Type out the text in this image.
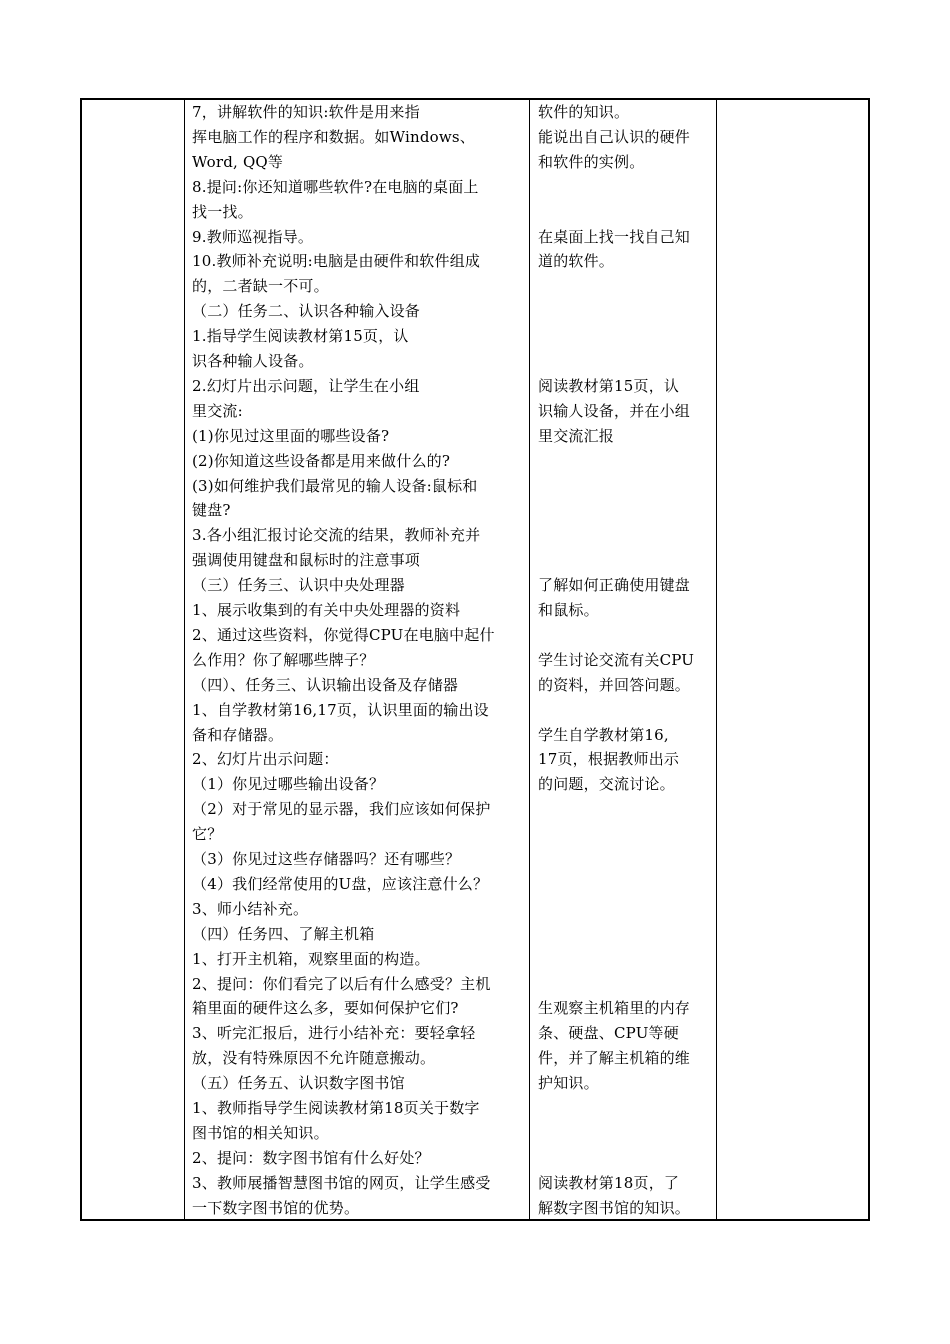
7，讲解软件的知识:软件是用来指
挥电脑工作的程序和数据。如Windows、
Word, QQ等
8.提问:你还知道哪些软件?在电脑的桌面上
找一找。
9.教师巡视指导。
10.教师补充说明:电脑是由硬件和软件组成
的，二者缺一不可。
（二）任务二、认识各种输入设备
1.指导学生阅读教材第15页，认
识各种输人设备。
2.幻灯片出示问题，让学生在小组
里交流:
(1)你见过这里面的哪些设备?
(2)你知道这些设备都是用来做什么的?
(3)如何维护我们最常见的输人设备:鼠标和
键盘?
3.各小组汇报讨论交流的结果，教师补充并
强调使用键盘和鼠标时的注意事项
（三）任务三、认识中央处理器
1、展示收集到的有关中央处理器的资料
2、通过这些资料，你觉得CPU在电脑中起什
么作用？你了解哪些牌子？
（四）、任务三、认识输出设备及存储器
1、自学教材第16,17页，认识里面的输出设
备和存储器。
2、幻灯片出示问题：
（1）你见过哪些输出设备？
（2）对于常见的显示器，我们应该如何保护
它？
（3）你见过这些存储器吗？还有哪些？
（4）我们经常使用的U盘，应该注意什么？
3、师小结补充。
（四）任务四、了解主机箱
1、打开主机箱，观察里面的构造。
2、提问：你们看完了以后有什么感受？主机
箱里面的硬件这么多，要如何保护它们?
3、听完汇报后，进行小结补充：要轻拿轻
放，没有特殊原因不允许随意搬动。
（五）任务五、认识数字图书馆
1、教师指导学生阅读教材第18页关于数字
图书馆的相关知识。
2、提问：数字图书馆有什么好处？
3、教师展播智慧图书馆的网页，让学生感受
一下数字图书馆的优势。
软件的知识。
能说出自己认识的硬件
和软件的实例。
在桌面上找一找自己知
道的软件。
阅读教材第15页，认
识输人设备，并在小组
里交流汇报
了解如何正确使用键盘
和鼠标。
学生讨论交流有关CPU
的资料，并回答问题。
学生自学教材第16,
17页，根据教师出示
的问题，交流讨论。
生观察主机箱里的内存
条、硬盘、CPU等硬
件，并了解主机箱的维
护知识。
阅读教材第18页，了
解数字图书馆的知识。
